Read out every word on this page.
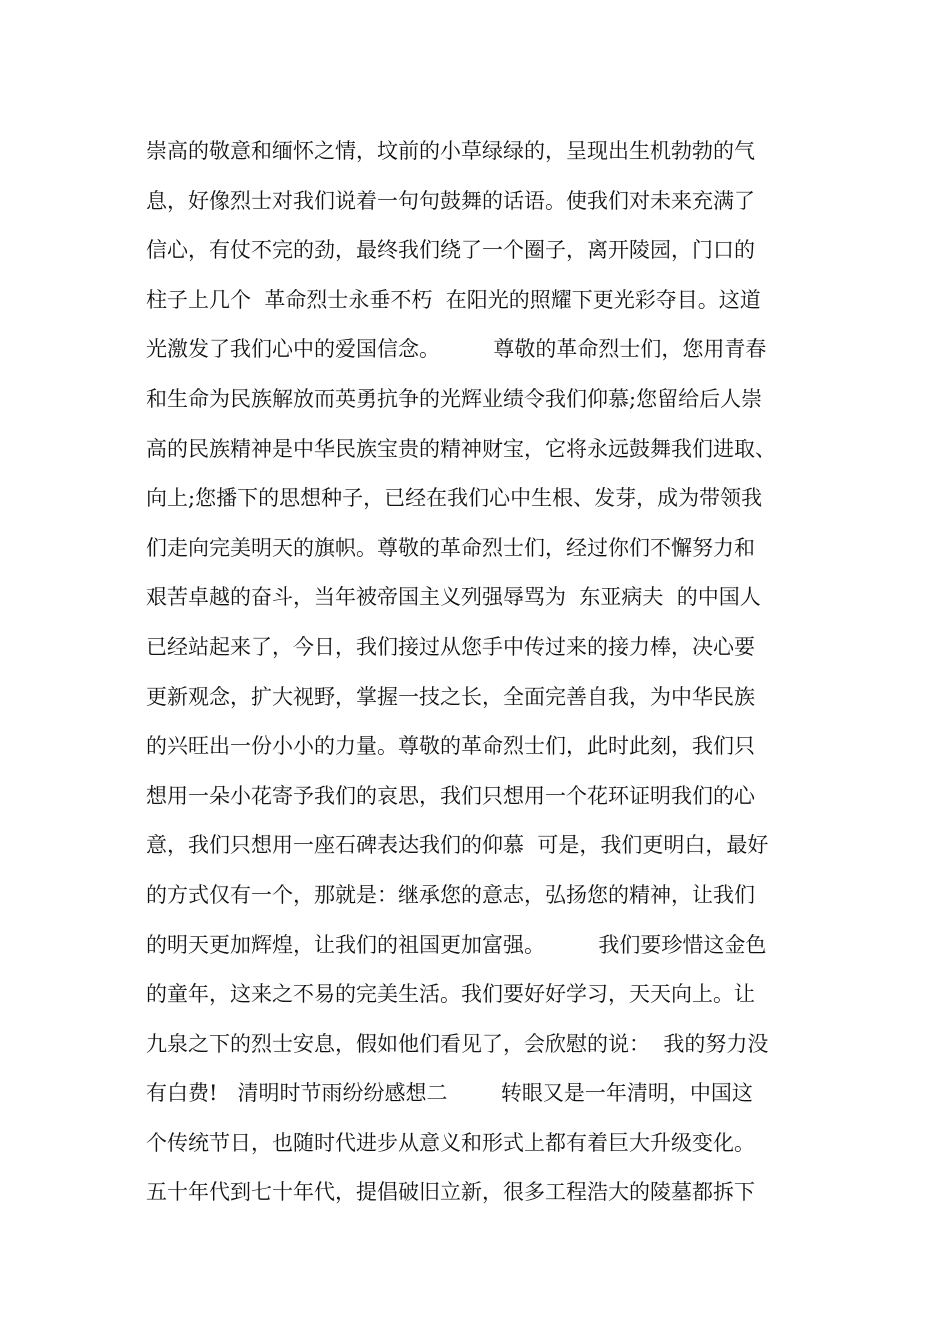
崇高的敬意和缅怀之情，坟前的小草绿绿的，呈现出生机勃勃的气
息，好像烈士对我们说着一句句鼓舞的话语。使我们对未来充满了
信心，有仗不完的劲，最终我们绕了一个圈子，离开陵园，门口的
柱子上几个  革命烈士永垂不朽  在阳光的照耀下更光彩夺目。这道
光激发了我们心中的爱国信念。        尊敬的革命烈士们，您用青春
和生命为民族解放而英勇抗争的光辉业绩令我们仰慕;您留给后人崇
高的民族精神是中华民族宝贵的精神财宝，它将永远鼓舞我们进取、
向上;您播下的思想种子，已经在我们心中生根、发芽，成为带领我
们走向完美明天的旗帜。尊敬的革命烈士们，经过你们不懈努力和
艰苦卓越的奋斗，当年被帝国主义列强辱骂为  东亚病夫  的中国人
已经站起来了，今日，我们接过从您手中传过来的接力棒，决心要
更新观念，扩大视野，掌握一技之长，全面完善自我，为中华民族
的兴旺出一份小小的力量。尊敬的革命烈士们，此时此刻，我们只
想用一朵小花寄予我们的哀思，我们只想用一个花环证明我们的心
意，我们只想用一座石碑表达我们的仰慕  可是，我们更明白，最好
的方式仅有一个，那就是：继承您的意志，弘扬您的精神，让我们
的明天更加辉煌，让我们的祖国更加富强。        我们要珍惜这金色
的童年，这来之不易的完美生活。我们要好好学习，天天向上。让
九泉之下的烈士安息，假如他们看见了，会欣慰的说：  我的努力没
有白费!   清明时节雨纷纷感想二        转眼又是一年清明，中国这
个传统节日，也随时代进步从意义和形式上都有着巨大升级变化。
五十年代到七十年代，提倡破旧立新，很多工程浩大的陵墓都拆下
